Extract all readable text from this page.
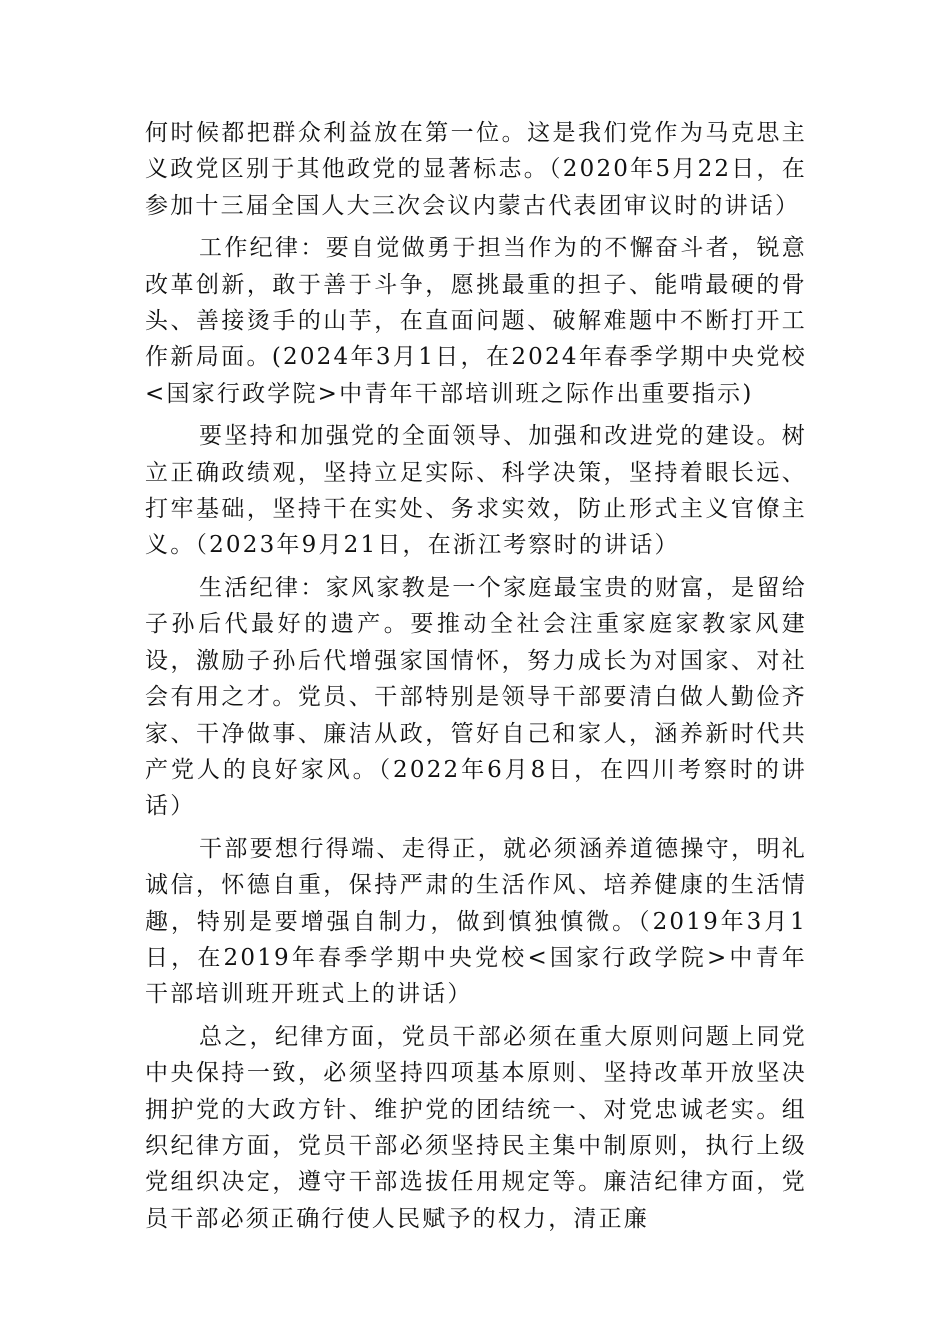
何时候都把群众利益放在第一位。这是我们党作为马克思主义政党区别于其他政党的显著标志。（2020年5月22日，在参加十三届全国人大三次会议内蒙古代表团审议时的讲话）

工作纪律：要自觉做勇于担当作为的不懈奋斗者，锐意改革创新，敢于善于斗争，愿挑最重的担子、能啃最硬的骨头、善接烫手的山芋，在直面问题、破解难题中不断打开工作新局面。(2024年3月1日，在2024年春季学期中央党校<国家行政学院>中青年干部培训班之际作出重要指示)

要坚持和加强党的全面领导、加强和改进党的建设。树立正确政绩观，坚持立足实际、科学决策，坚持着眼长远、打牢基础，坚持干在实处、务求实效，防止形式主义官僚主义。（2023年9月21日，在浙江考察时的讲话）

生活纪律：家风家教是一个家庭最宝贵的财富，是留给子孙后代最好的遗产。要推动全社会注重家庭家教家风建设，激励子孙后代增强家国情怀，努力成长为对国家、对社会有用之才。党员、干部特别是领导干部要清白做人勤俭齐家、干净做事、廉洁从政，管好自己和家人，涵养新时代共产党人的良好家风。（2022年6月8日，在四川考察时的讲话）

干部要想行得端、走得正，就必须涵养道德操守，明礼诚信，怀德自重，保持严肃的生活作风、培养健康的生活情趣，特别是要增强自制力，做到慎独慎微。（2019年3月1日，在2019年春季学期中央党校<国家行政学院>中青年干部培训班开班式上的讲话）

总之，纪律方面，党员干部必须在重大原则问题上同党中央保持一致，必须坚持四项基本原则、坚持改革开放坚决拥护党的大政方针、维护党的团结统一、对党忠诚老实。组织纪律方面，党员干部必须坚持民主集中制原则，执行上级党组织决定，遵守干部选拔任用规定等。廉洁纪律方面，党员干部必须正确行使人民赋予的权力，清正廉
